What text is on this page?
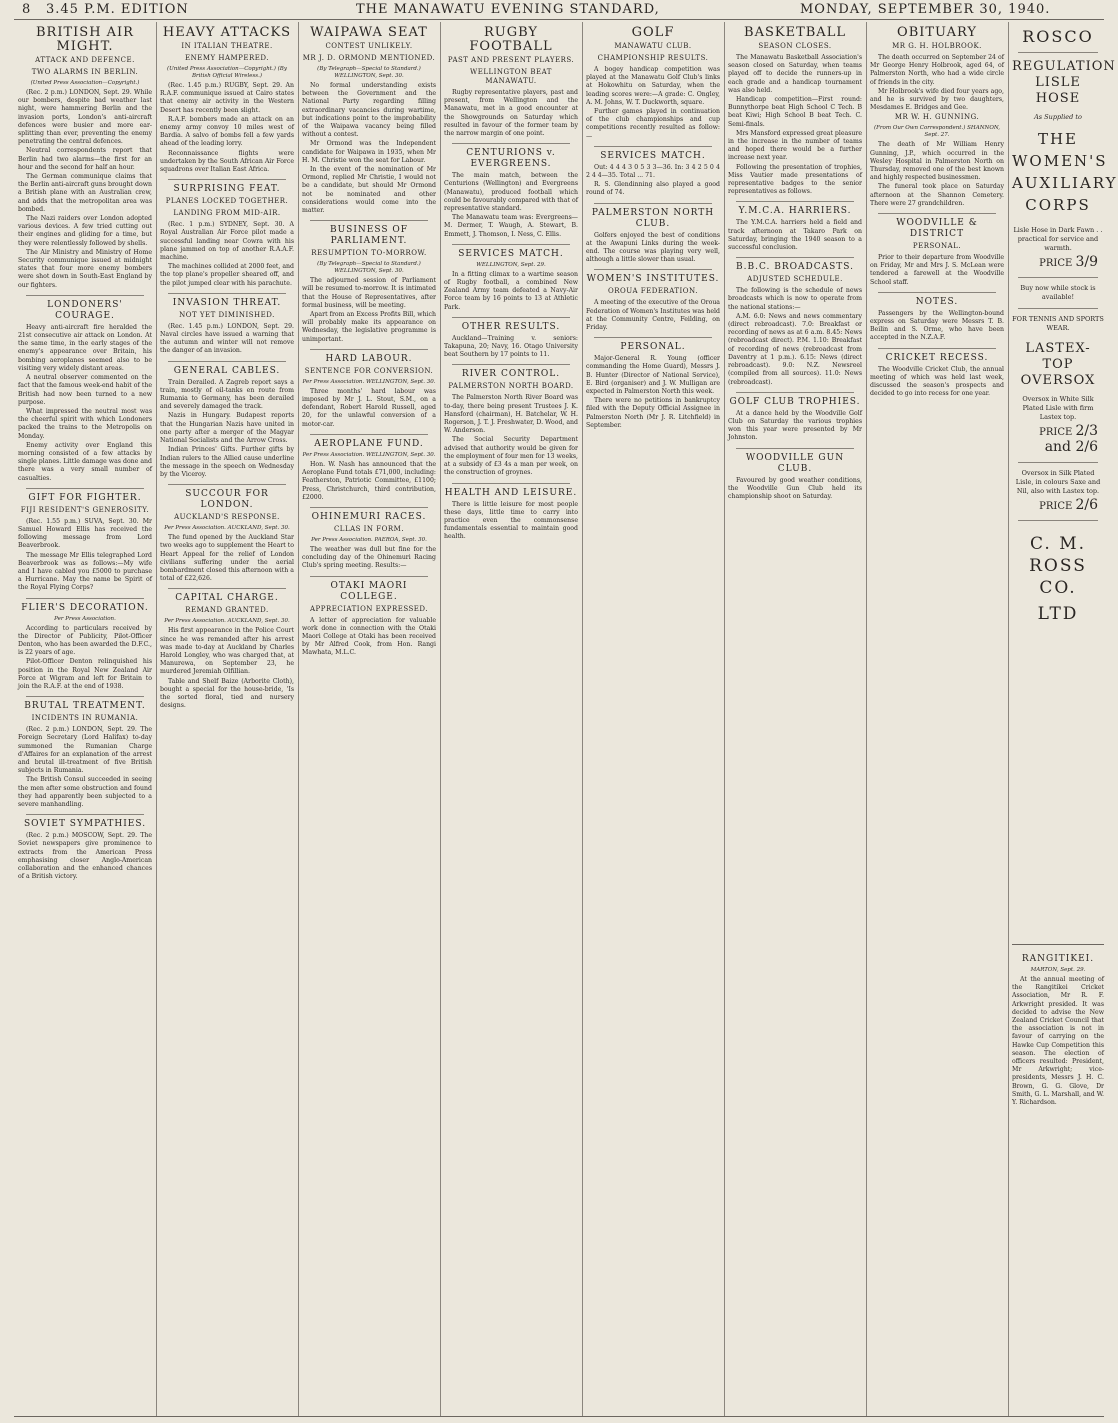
8 3.45 P.M. EDITION	THE MANAWATU EVENING STANDARD,	MONDAY, SEPTEMBER 30, 1940.
BRITISH AIR MIGHT.
ATTACK AND DEFENCE.
TWO ALARMS IN BERLIN.
(United Press Association—Copyright.)

(Rec. 2 p.m.) LONDON, Sept. 29. While our bombers, despite bad weather last night, were hammering Berlin and the invasion ports, London's anti-aircraft defences were busier and more ear-splitting than ever, preventing the enemy penetrating the central defences.

Neutral correspondents report that Berlin had two alarms—the first for an hour and the second for half an hour.

The German communique claims that the Berlin anti-aircraft guns brought down a British plane with an Australian crew, and adds that the metropolitan area was bombed.

The Nazi raiders over London adopted various devices. A few tried cutting out their engines and gliding for a time, but they were relentlessly followed by shells.

The Air Ministry and Ministry of Home Security communique issued at midnight states that four more enemy bombers were shot down in South-East England by our fighters.

LONDONERS' COURAGE.

Heavy anti-aircraft fire heralded the 21st consecutive air attack on London. At the same time, in the early stages of the enemy's appearance over Britain, his bombing aeroplanes seemed also to be visiting very widely distant areas.

A neutral observer commented on the fact that the famous week-end habit of the British had now been turned to a new purpose.

What impressed the neutral most was the cheerful spirit with which Londoners packed the trains to the Metropolis on Monday.

Enemy activity over England this morning consisted of a few attacks by single planes. Little damage was done and there was a very small number of casualties.

GIFT FOR FIGHTER.
FIJI RESIDENT'S GENEROSITY.

(Rec. 1.55 p.m.) SUVA, Sept. 30. Mr Samuel Howard Ellis has received the following message from Lord Beaverbrook.

The message Mr Ellis telegraphed Lord Beaverbrook was as follows:—My wife and I have cabled you £5000 to purchase a Hurricane. May the name be Spirit of the Royal Flying Corps?

FLIER'S DECORATION.
Per Press Association.

According to particulars received by the Director of Publicity, Pilot-Officer Denton, who has been awarded the D.F.C., is 22 years of age.

Pilot-Officer Denton relinquished his position in the Royal New Zealand Air Force at Wigram and left for Britain to join the R.A.F. at the end of 1938.

BRUTAL TREATMENT.
INCIDENTS IN RUMANIA.

(Rec. 2 p.m.) LONDON, Sept. 29. The Foreign Secretary (Lord Halifax) to-day summoned the Rumanian Charge d'Affaires for an explanation of the arrest and brutal ill-treatment of five British subjects in Rumania.

The British Consul succeeded in seeing the men after some obstruction and found they had apparently been subjected to a severe manhandling.

SOVIET SYMPATHIES.

(Rec. 2 p.m.) MOSCOW, Sept. 29. The Soviet newspapers give prominence to extracts from the American Press emphasising closer Anglo-American collaboration and the enhanced chances of a British victory.

HEAVY ATTACKS
IN ITALIAN THEATRE.
ENEMY HAMPERED.
(United Press Association—Copyright.) (By British Official Wireless.)

(Rec. 1.45 p.m.) RUGBY, Sept. 29. An R.A.F. communique issued at Cairo states that enemy air activity in the Western Desert has recently been slight.

R.A.F. bombers made an attack on an enemy army convoy 10 miles west of Bardia. A salvo of bombs fell a few yards ahead of the leading lorry.

Reconnaissance flights were undertaken by the South African Air Force squadrons over Italian East Africa.

SURPRISING FEAT.
PLANES LOCKED TOGETHER.
LANDING FROM MID-AIR.

(Rec. 1 p.m.) SYDNEY, Sept. 30. A Royal Australian Air Force pilot made a successful landing near Cowra with his plane jammed on top of another R.A.A.F. machine.

The machines collided at 2000 feet, and the top plane's propeller sheared off, and the pilot jumped clear with his parachute.

INVASION THREAT.
NOT YET DIMINISHED.

(Rec. 1.45 p.m.) LONDON, Sept. 29. Naval circles have issued a warning that the autumn and winter will not remove the danger of an invasion.

GENERAL CABLES.

Train Derailed. A Zagreb report says a train, mostly of oil-tanks en route from Rumania to Germany, has been derailed and severely damaged the track.

Nazis in Hungary. Budapest reports that the Hungarian Nazis have united in one party after a merger of the Magyar National Socialists and the Arrow Cross.

Indian Princes' Gifts. Further gifts by Indian rulers to the Allied cause underline the message in the speech on Wednesday by the Viceroy.

SUCCOUR FOR LONDON.
AUCKLAND'S RESPONSE.
Per Press Association. AUCKLAND, Sept. 30.

The fund opened by the Auckland Star two weeks ago to supplement the Heart to Heart Appeal for the relief of London civilians suffering under the aerial bombardment closed this afternoon with a total of £22,626.

CAPITAL CHARGE.
REMAND GRANTED.
Per Press Association. AUCKLAND, Sept. 30.

His first appearance in the Police Court since he was remanded after his arrest was made to-day at Auckland by Charles Harold Longley, who was charged that, at Manurewa, on September 23, he murdered Jeremiah Olfillian.

Table and Shelf Baize (Arborite Cloth), bought a special for the house-bride, 'Is the sorted floral, tied and nursery designs.

WAIPAWA SEAT
CONTEST UNLIKELY.
MR J. D. ORMOND MENTIONED.
(By Telegraph—Special to Standard.) WELLINGTON, Sept. 30.

No formal understanding exists between the Government and the National Party regarding filling extraordinary vacancies during wartime, but indications point to the improbability of the Waipawa vacancy being filled without a contest.

Mr Ormond was the Independent candidate for Waipawa in 1935, when Mr H. M. Christie won the seat for Labour.

In the event of the nomination of Mr Ormond, replied Mr Christie, I would not be a candidate, but should Mr Ormond not be nominated and other considerations would come into the matter.

BUSINESS OF PARLIAMENT.
RESUMPTION TO-MORROW.
(By Telegraph—Special to Standard.) WELLINGTON, Sept. 30.

The adjourned session of Parliament will be resumed to-morrow. It is intimated that the House of Representatives, after formal business, will be meeting.

Apart from an Excess Profits Bill, which will probably make its appearance on Wednesday, the legislative programme is unimportant.

HARD LABOUR.
SENTENCE FOR CONVERSION.
Per Press Association. WELLINGTON, Sept. 30.

Three months' hard labour was imposed by Mr J. L. Stout, S.M., on a defendant, Robert Harold Russell, aged 20, for the unlawful conversion of a motor-car.

AEROPLANE FUND.
Per Press Association. WELLINGTON, Sept. 30.

Hon. W. Nash has announced that the Aeroplane Fund totals £71,000, including: Featherston, Patriotic Committee, £1100; Press, Christchurch, third contribution, £2000.

OHINEMURI RACES.
CLLAS IN FORM.
Per Press Association. PAEROA, Sept. 30.

The weather was dull but fine for the concluding day of the Ohinemuri Racing Club's spring meeting. Results:—

OTAKI MAORI COLLEGE.
APPRECIATION EXPRESSED.

A letter of appreciation for valuable work done in connection with the Otaki Maori College at Otaki has been received by Mr Alfred Cook, from Hon. Rangi Mawhata, M.L.C.

RUGBY FOOTBALL
PAST AND PRESENT PLAYERS.
WELLINGTON BEAT MANAWATU.

Rugby representative players, past and present, from Wellington and the Manawatu, met in a good encounter at the Showgrounds on Saturday which resulted in favour of the former team by the narrow margin of one point.

CENTURIONS v. EVERGREENS.

The main match, between the Centurions (Wellington) and Evergreens (Manawatu), produced football which could be favourably compared with that of representative standard.

The Manawatu team was: Evergreens—M. Dermer, T. Waugh, A. Stewart, B. Emmett, J. Thomson, I. Ness, C. Ellis.

SERVICES MATCH.
WELLINGTON, Sept. 29.

In a fitting climax to a wartime season of Rugby football, a combined New Zealand Army team defeated a Navy-Air Force team by 16 points to 13 at Athletic Park.

OTHER RESULTS.

Auckland—Training v. seniors: Takapuna, 20; Navy, 16. Otago University beat Southern by 17 points to 11.

RIVER CONTROL.
PALMERSTON NORTH BOARD.

The Palmerston North River Board was to-day, there being present Trustees J. K. Hansford (chairman), H. Batchelar, W. H. Rogerson, J. T. J. Freshwater, D. Wood, and W. Anderson.

The Social Security Department advised that authority would be given for the employment of four men for 13 weeks, at a subsidy of £3 4s a man per week, on the construction of groynes.

HEALTH AND LEISURE.

There is little leisure for most people these days, little time to carry into practice even the commonsense fundamentals essential to maintain good health.

GOLF
MANAWATU CLUB.
CHAMPIONSHIP RESULTS.

A bogey handicap competition was played at the Manawatu Golf Club's links at Hokowhitu on Saturday, when the leading scores were:—A grade: C. Ongley, A. M. Johns, W. T. Duckworth, square.

Further games played in continuation of the club championships and cup competitions recently resulted as follow:—

SERVICES MATCH.

Out: 4 4 4 3 0 5 3 3—36. In: 3 4 2 5 0 4 2 4 4—35. Total ... 71.

R. S. Glendinning also played a good round of 74.

PALMERSTON NORTH CLUB.

Golfers enjoyed the best of conditions at the Awapuni Links during the week-end. The course was playing very well, although a little slower than usual.

WOMEN'S INSTITUTES.
OROUA FEDERATION.

A meeting of the executive of the Oroua Federation of Women's Institutes was held at the Community Centre, Feilding, on Friday.

PERSONAL.

Major-General R. Young (officer commanding the Home Guard), Messrs J. B. Hunter (Director of National Service), E. Bird (organiser) and J. W. Mulligan are expected in Palmerston North this week.

There were no petitions in bankruptcy filed with the Deputy Official Assignee in Palmerston North (Mr J. R. Litchfield) in September.

BASKETBALL
SEASON CLOSES.

The Manawatu Basketball Association's season closed on Saturday, when teams played off to decide the runners-up in each grade and a handicap tournament was also held.

Handicap competition—First round: Bunnythorpe beat High School C Tech. B beat Kiwi; High School B beat Tech. C. Semi-finals.

Mrs Mansford expressed great pleasure in the increase in the number of teams and hoped there would be a further increase next year.

Following the presentation of trophies, Miss Vautier made presentations of representative badges to the senior representatives as follows.

Y.M.C.A. HARRIERS.

The Y.M.C.A. harriers held a field and track afternoon at Takaro Park on Saturday, bringing the 1940 season to a successful conclusion.

B.B.C. BROADCASTS.
ADJUSTED SCHEDULE.

The following is the schedule of news broadcasts which is now to operate from the national stations:—

A.M. 6.0: News and news commentary (direct rebroadcast). 7.0: Breakfast or recording of news as at 6 a.m. 8.45: News (rebroadcast direct). P.M. 1.10: Breakfast of recording of news (rebroadcast from Daventry at 1 p.m.). 6.15: News (direct rebroadcast). 9.0: N.Z. Newsreel (compiled from all sources). 11.0: News (rebroadcast).

GOLF CLUB TROPHIES.

At a dance held by the Woodville Golf Club on Saturday the various trophies won this year were presented by Mr Johnston.

WOODVILLE GUN CLUB.

Favoured by good weather conditions, the Woodville Gun Club held its championship shoot on Saturday.

OBITUARY
MR G. H. HOLBROOK.

The death occurred on September 24 of Mr George Henry Holbrook, aged 64, of Palmerston North, who had a wide circle of friends in the city.

Mr Holbrook's wife died four years ago, and he is survived by two daughters, Mesdames E. Bridges and Gee.

MR W. H. GUNNING.
(From Our Own Correspondent.) SHANNON, Sept. 27.

The death of Mr William Henry Gunning, J.P., which occurred in the Wesley Hospital in Palmerston North on Thursday, removed one of the best known and highly respected businessmen.

The funeral took place on Saturday afternoon at the Shannon Cemetery. There were 27 grandchildren.

WOODVILLE & DISTRICT
PERSONAL.

Prior to their departure from Woodville on Friday, Mr and Mrs J. S. McLean were tendered a farewell at the Woodville School staff.

NOTES.

Passengers by the Wellington-bound express on Saturday were Messrs T. B. Beilin and S. Orme, who have been accepted in the N.Z.A.F.

CRICKET RECESS.

The Woodville Cricket Club, the annual meeting of which was held last week, discussed the season's prospects and decided to go into recess for one year.

ROSCO
REGULATION
LISLE HOSE
As Supplied to
THE
WOMEN'S
AUXILIARY
CORPS
Lisle Hose in Dark Fawn . . practical for service and warmth.
PRICE 3/9
Buy now while stock is available!
FOR TENNIS AND SPORTS WEAR.
LASTEX-TOP
OVERSOX
Oversox in White Silk Plated Lisle with firm Lastex top.
PRICE 2/3 and 2/6
Oversox in Silk Plated Lisle, in colours Saxe and Nil, also with Lastex top.
PRICE 2/6
C. M. ROSS CO.
LTD
RANGITIKEI.
MARTON, Sept. 29.

At the annual meeting of the Rangitikei Cricket Association, Mr R. F. Arkwright presided. It was decided to advise the New Zealand Cricket Council that the association is not in favour of carrying on the Hawke Cup Competition this season. The election of officers resulted: President, Mr Arkwright; vice-presidents, Messrs J. H. C. Brown, G. G. Glove, Dr Smith, G. L. Marshall, and W. Y. Richardson.
